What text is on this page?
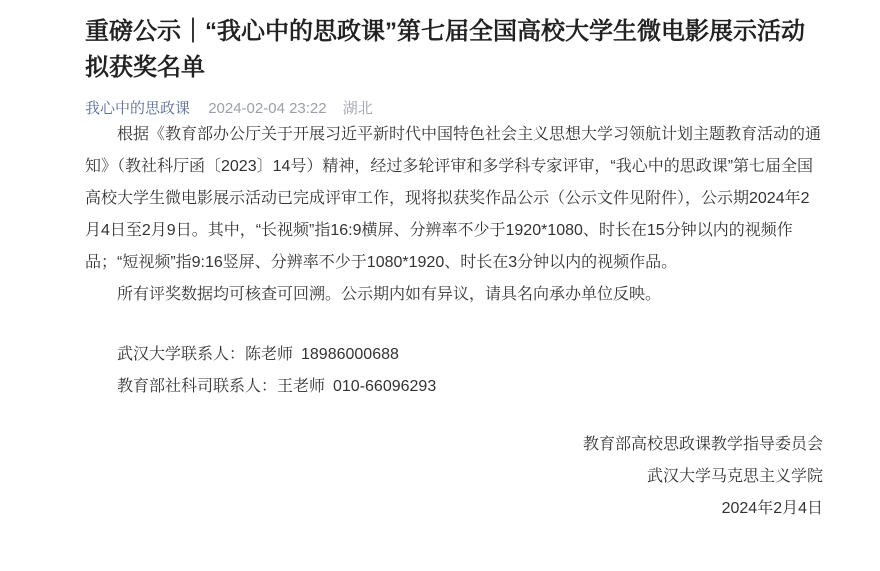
重磅公示｜“我心中的思政课”第七届全国高校大学生微电影展示活动拟获奖名单
我心中的思政课 2024-02-04 23:22 湖北

根据《教育部办公厅关于开展习近平新时代中国特色社会主义思想大学习领航计划主题教育活动的通知》（教社科厅函〔2023〕14号）精神，经过多轮评审和多学科专家评审，“我心中的思政课”第七届全国高校大学生微电影展示活动已完成评审工作，现将拟获奖作品公示（公示文件见附件），公示期2024年2月4日至2月9日。其中，“长视频”指16:9横屏、分辨率不少于1920*1080、时长在15分钟以内的视频作品；“短视频”指9:16竖屏、分辨率不少于1080*1920、时长在3分钟以内的视频作品。

所有评奖数据均可核查可回溯。公示期内如有异议，请具名向承办单位反映。

武汉大学联系人：陈老师 18986000688

教育部社科司联系人：王老师 010-66096293

教育部高校思政课教学指导委员会

武汉大学马克思主义学院

2024年2月4日
